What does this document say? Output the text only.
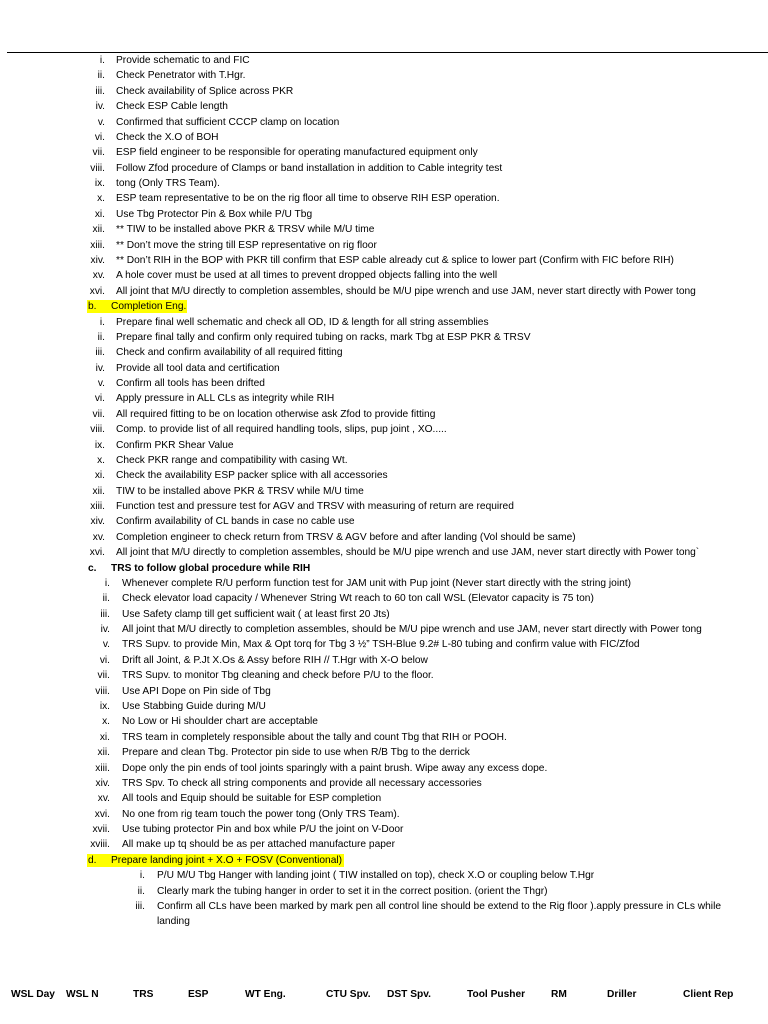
i. Provide schematic to and FIC
ii. Check Penetrator with T.Hgr.
iii. Check availability of Splice across PKR
iv. Check ESP Cable length
v. Confirmed that sufficient CCCP clamp on location
vi. Check the X.O of BOH
vii. ESP field engineer to be responsible for operating manufactured equipment only
viii. Follow Zfod procedure of Clamps or band installation in addition to Cable integrity test
ix. tong (Only TRS Team).
x. ESP team representative to be on the rig floor all time to observe RIH ESP operation.
xi. Use Tbg Protector Pin & Box while P/U Tbg
xii. ** TIW to be installed above PKR & TRSV while M/U time
xiii. ** Don’t move the string till ESP representative on rig floor
xiv. ** Don’t RIH in the BOP with PKR till confirm that ESP cable already cut & splice to lower part (Confirm with FIC before RIH)
xv. A hole cover must be used at all times to prevent dropped objects falling into the well
xvi. All joint that M/U directly to completion assembles, should be M/U pipe wrench and use JAM, never start directly with Power tong
b. Completion Eng.
i. Prepare final well schematic and check all OD, ID & length for all string assemblies
ii. Prepare final tally and confirm only required tubing on racks, mark Tbg at ESP PKR & TRSV
iii. Check and confirm availability of all required fitting
iv. Provide all tool data and certification
v. Confirm all tools has been drifted
vi. Apply pressure in ALL CLs as integrity while RIH
vii. All required fitting to be on location otherwise ask Zfod to provide fitting
viii. Comp. to provide list of all required handling tools, slips, pup joint , XO.....
ix. Confirm PKR Shear Value
x. Check PKR range and compatibility with casing Wt.
xi. Check the availability ESP packer splice with all accessories
xii. TIW to be installed above PKR & TRSV while M/U time
xiii. Function test and pressure test for AGV and TRSV with measuring of return are required
xiv. Confirm availability of CL bands in case no cable use
xv. Completion engineer to check return from TRSV & AGV before and after landing (Vol should be same)
xvi. All joint that M/U directly to completion assembles, should be M/U pipe wrench and use JAM, never start directly with Power tong`
c. TRS to follow global procedure while RIH
i. Whenever complete R/U perform function test for JAM unit with Pup joint (Never start directly with the string joint)
ii. Check elevator load capacity / Whenever String Wt reach to 60 ton call WSL (Elevator capacity is 75 ton)
iii. Use Safety clamp till get sufficient wait ( at least first 20 Jts)
iv. All joint that M/U directly to completion assembles, should be M/U pipe wrench and use JAM, never start directly with Power tong
v. TRS Supv. to provide Min, Max & Opt torq for Tbg 3 ½” TSH-Blue 9.2# L-80 tubing and confirm value with FIC/Zfod
vi. Drift all Joint, & P.Jt X.Os & Assy before RIH // T.Hgr with X-O below
vii. TRS Supv. to monitor Tbg cleaning and check before P/U to the floor.
viii. Use API Dope on Pin side of Tbg
ix. Use Stabbing Guide during M/U
x. No Low or Hi shoulder chart are acceptable
xi. TRS team in completely responsible about the tally and count Tbg that RIH or POOH.
xii. Prepare and clean Tbg. Protector pin side to use when R/B Tbg to the derrick
xiii. Dope only the pin ends of tool joints sparingly with a paint brush. Wipe away any excess dope.
xiv. TRS Spv. To check all string components and provide all necessary accessories
xv. All tools and Equip should be suitable for ESP completion
xvi. No one from rig team touch the power tong (Only TRS Team).
xvii. Use tubing protector Pin and box while P/U the joint on V-Door
xviii. All make up tq should be as per attached manufacture paper
d. Prepare landing joint + X.O + FOSV (Conventional)
i. P/U M/U Tbg Hanger with landing joint ( TIW installed on top), check X.O or coupling below T.Hgr
ii. Clearly mark the tubing hanger in order to set it in the correct position. (orient the Thgr)
iii. Confirm all CLs have been marked by mark pen all control line should be extend to the Rig floor ).apply pressure in CLs while landing
WSL Day WSL N	TRS	ESP	WT Eng.	CTU Spv. DST Spv.	Tool Pusher	RM	Driller	Client Rep
